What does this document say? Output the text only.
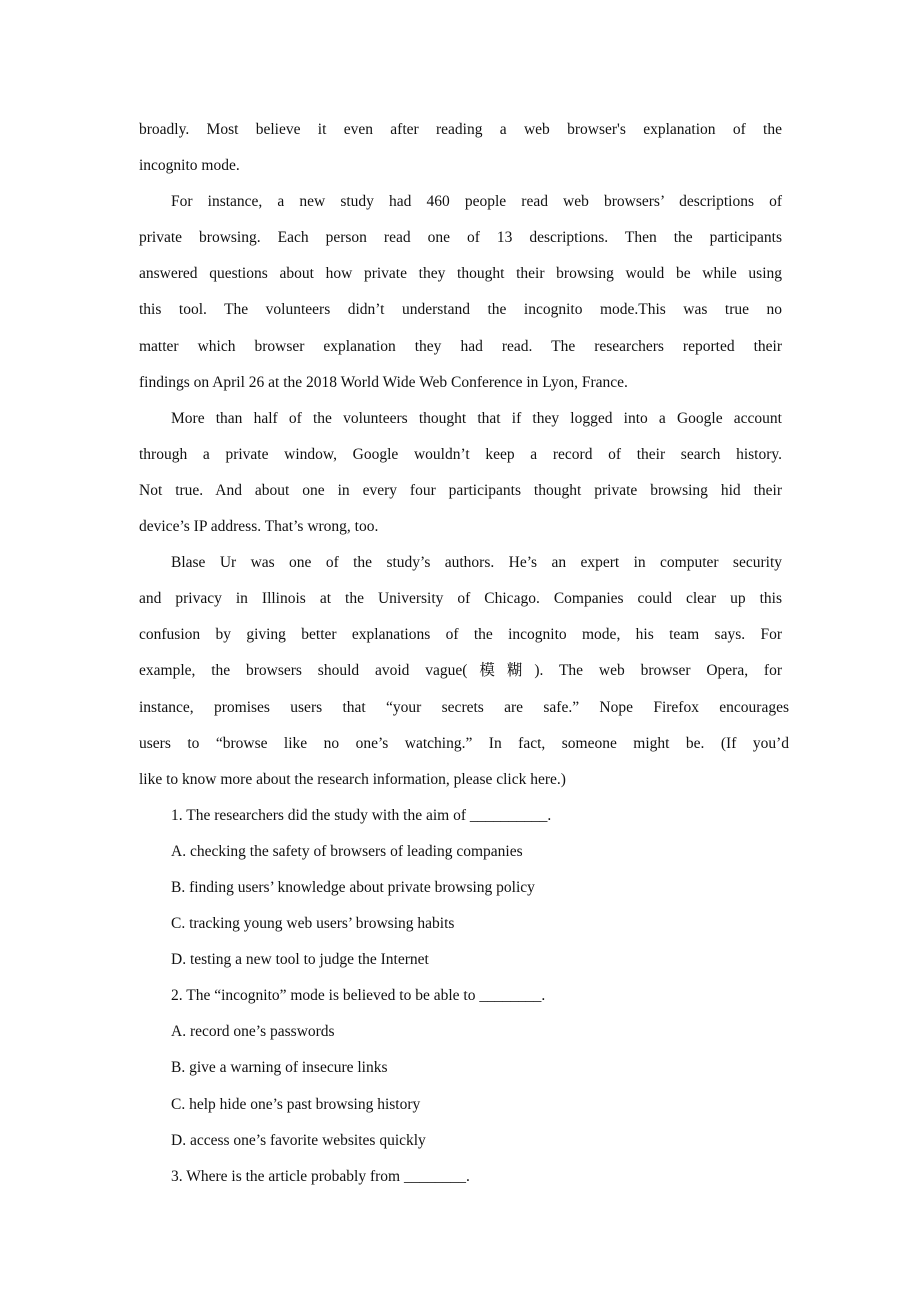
broadly. Most believe it even after reading a web browser's explanation of the
incognito mode.
For instance, a new study had 460 people read web browsers’ descriptions of
private browsing. Each person read one of 13 descriptions. Then the participants
answered questions about how private they thought their browsing would be while using
this tool. The volunteers didn’t understand the incognito mode.This was true no
matter which browser explanation they had read. The researchers reported their
findings on April 26 at the 2018 World Wide Web Conference in Lyon, France.
More than half of the volunteers thought that if they logged into a Google account
through a private window, Google wouldn’t keep a record of their search history.
Not true. And about one in every four participants thought private browsing hid their
device’s IP address. That’s wrong, too.
Blase Ur was one of the study’s authors. He’s an expert in computer security
and privacy in Illinois at the University of Chicago. Companies could clear up this
confusion by giving better explanations of the incognito mode, his team says. For
example, the browsers should avoid vague(模糊). The web browser Opera, for
instance, promises users that “your secrets are safe.” Nope Firefox encourages
users to “browse like no one’s watching.” In fact, someone might be. (If you’d
like to know more about the research information, please click here.)
1. The researchers did the study with the aim of __________.
A. checking the safety of browsers of leading companies
B. finding users’ knowledge about private browsing policy
C. tracking young web users’ browsing habits
D. testing a new tool to judge the Internet
2. The “incognito” mode is believed to be able to ________.
A. record one’s passwords
B. give a warning of insecure links
C. help hide one’s past browsing history
D. access one’s favorite websites quickly
3. Where is the article probably from ________.
